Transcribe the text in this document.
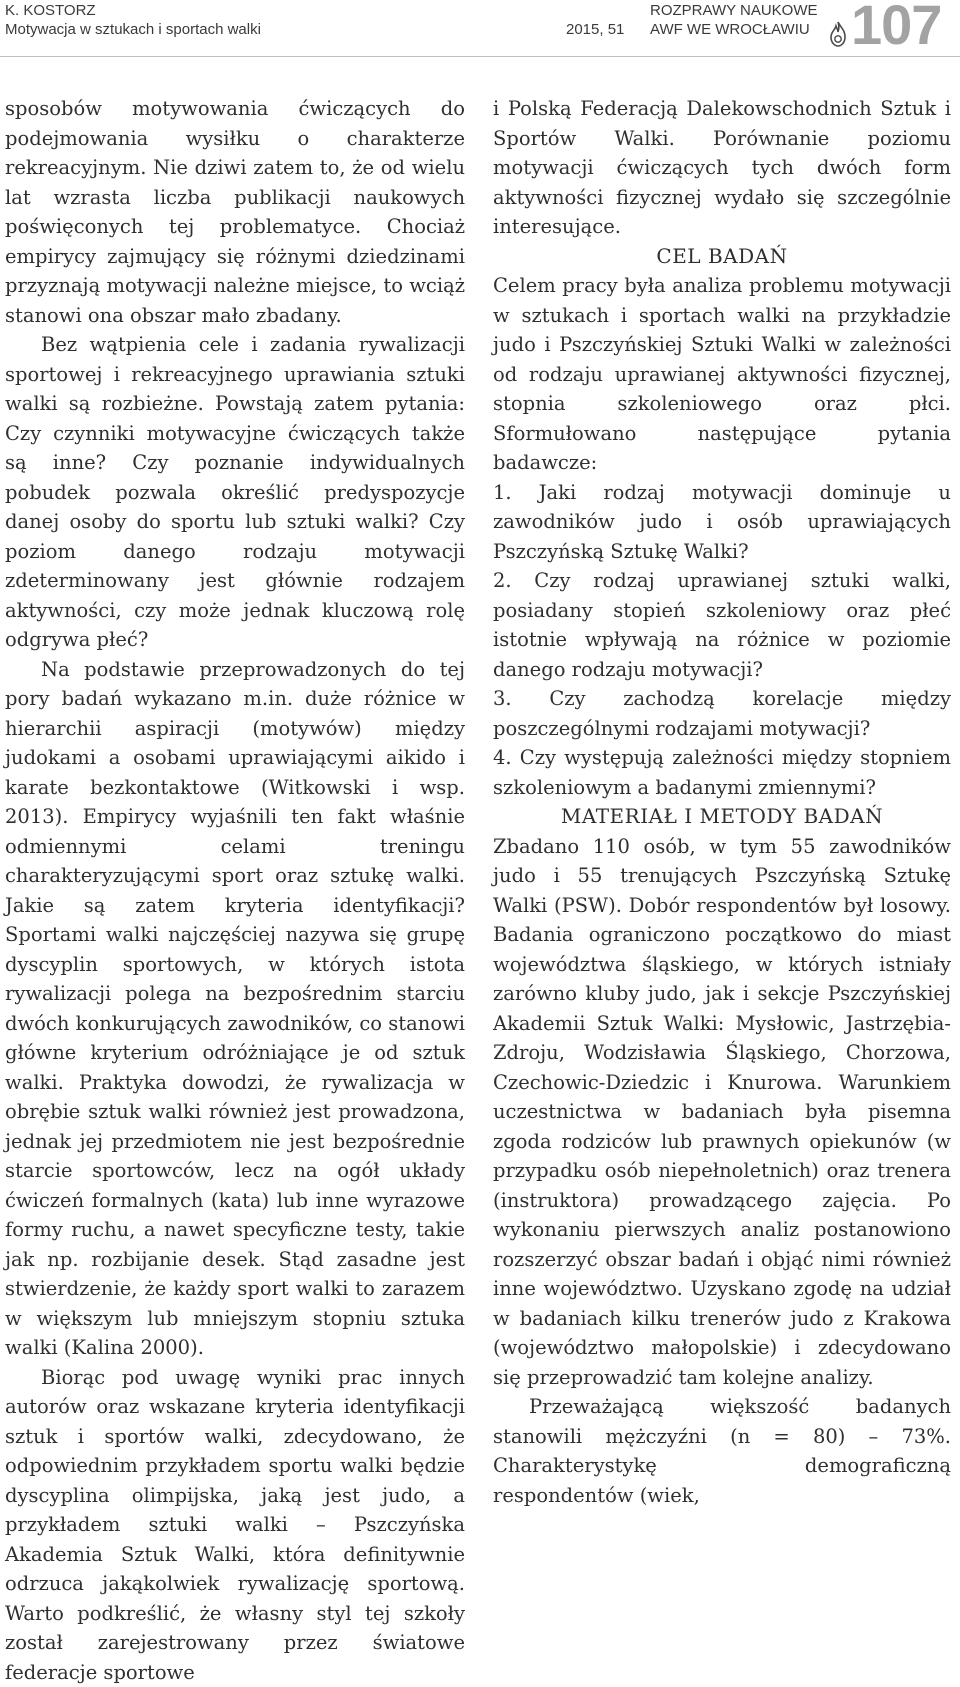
K. KOSTORZ
Motywacja w sztukach i sportach walki	2015, 51
ROZPRAWY NAUKOWE
AWF WE WROCŁAWIU 107

sposobów motywowania ćwiczących do podejmowania wysiłku o charakterze rekreacyjnym. Nie dziwi zatem to, że od wielu lat wzrasta liczba publikacji naukowych poświęconych tej problematyce. Chociaż empirycy zajmujący się różnymi dziedzinami przyznają motywacji należne miejsce, to wciąż stanowi ona obszar mało zbadany.

Bez wątpienia cele i zadania rywalizacji sportowej i rekreacyjnego uprawiania sztuki walki są rozbieżne. Powstają zatem pytania: Czy czynniki motywacyjne ćwiczących także są inne? Czy poznanie indywidualnych pobudek pozwala określić predyspozycje danej osoby do sportu lub sztuki walki? Czy poziom danego rodzaju motywacji zdeterminowany jest głównie rodzajem aktywności, czy może jednak kluczową rolę odgrywa płeć?

Na podstawie przeprowadzonych do tej pory badań wykazano m.in. duże różnice w hierarchii aspiracji (motywów) między judokami a osobami uprawiającymi aikido i karate bezkontaktowe (Witkowski i wsp. 2013). Empirycy wyjaśnili ten fakt właśnie odmiennymi celami treningu charakteryzującymi sport oraz sztukę walki. Jakie są zatem kryteria identyfikacji? Sportami walki najczęściej nazywa się grupę dyscyplin sportowych, w których istota rywalizacji polega na bezpośrednim starciu dwóch konkurujących zawodników, co stanowi główne kryterium odróżniające je od sztuk walki. Praktyka dowodzi, że rywalizacja w obrębie sztuk walki również jest prowadzona, jednak jej przedmiotem nie jest bezpośrednie starcie sportowców, lecz na ogół układy ćwiczeń formalnych (kata) lub inne wyrazowe formy ruchu, a nawet specyficzne testy, takie jak np. rozbijanie desek. Stąd zasadne jest stwierdzenie, że każdy sport walki to zarazem w większym lub mniejszym stopniu sztuka walki (Kalina 2000).

Biorąc pod uwagę wyniki prac innych autorów oraz wskazane kryteria identyfikacji sztuk i sportów walki, zdecydowano, że odpowiednim przykładem sportu walki będzie dyscyplina olimpijska, jaką jest judo, a przykładem sztuki walki – Pszczyńska Akademia Sztuk Walki, która definitywnie odrzuca jakąkolwiek rywalizację sportową. Warto podkreślić, że własny styl tej szkoły został zarejestrowany przez światowe federacje sportowe

i Polską Federacją Dalekowschodnich Sztuk i Sportów Walki. Porównanie poziomu motywacji ćwiczących tych dwóch form aktywności fizycznej wydało się szczególnie interesujące.

CEL BADAŃ

Celem pracy była analiza problemu motywacji w sztukach i sportach walki na przykładzie judo i Pszczyńskiej Sztuki Walki w zależności od rodzaju uprawianej aktywności fizycznej, stopnia szkoleniowego oraz płci. Sformułowano następujące pytania badawcze:

1. Jaki rodzaj motywacji dominuje u zawodników judo i osób uprawiających Pszczyńską Sztukę Walki?

2. Czy rodzaj uprawianej sztuki walki, posiadany stopień szkoleniowy oraz płeć istotnie wpływają na różnice w poziomie danego rodzaju motywacji?

3. Czy zachodzą korelacje między poszczególnymi rodzajami motywacji?

4. Czy występują zależności między stopniem szkoleniowym a badanymi zmiennymi?

MATERIAŁ I METODY BADAŃ

Zbadano 110 osób, w tym 55 zawodników judo i 55 trenujących Pszczyńską Sztukę Walki (PSW). Dobór respondentów był losowy. Badania ograniczono początkowo do miast województwa śląskiego, w których istniały zarówno kluby judo, jak i sekcje Pszczyńskiej Akademii Sztuk Walki: Mysłowic, Jastrzębia-Zdroju, Wodzisławia Śląskiego, Chorzowa, Czechowic-Dziedzic i Knurowa. Warunkiem uczestnictwa w badaniach była pisemna zgoda rodziców lub prawnych opiekunów (w przypadku osób niepełnoletnich) oraz trenera (instruktora) prowadzącego zajęcia. Po wykonaniu pierwszych analiz postanowiono rozszerzyć obszar badań i objąć nimi również inne województwo. Uzyskano zgodę na udział w badaniach kilku trenerów judo z Krakowa (województwo małopolskie) i zdecydowano się przeprowadzić tam kolejne analizy.

Przeważającą większość badanych stanowili mężczyźni (n = 80) – 73%. Charakterystykę demograficzną respondentów (wiek,
